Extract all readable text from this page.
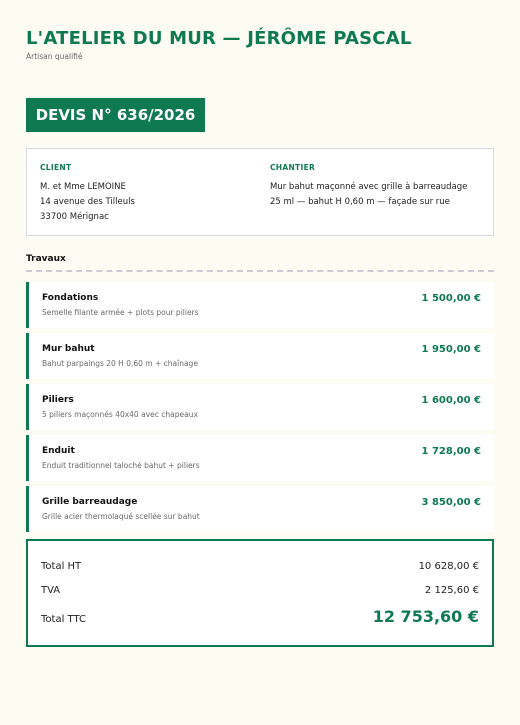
L'ATELIER DU MUR — JÉRÔME PASCAL
Artisan qualifié
DEVIS N° 636/2026
CLIENT
M. et Mme LEMOINE
14 avenue des Tilleuls
33700 Mérignac
CHANTIER
Mur bahut maçonné avec grille à barreaudage
25 ml — bahut H 0,60 m — façade sur rue
Travaux
Fondations
Semelle filante armée + plots pour piliers
1 500,00 €
Mur bahut
Bahut parpaings 20 H 0,60 m + chaînage
1 950,00 €
Piliers
5 piliers maçonnés 40x40 avec chapeaux
1 600,00 €
Enduit
Enduit traditionnel taloché bahut + piliers
1 728,00 €
Grille barreaudage
Grille acier thermolaqué scellée sur bahut
3 850,00 €
Total HT	10 628,00 €
TVA	2 125,60 €
Total TTC	12 753,60 €
